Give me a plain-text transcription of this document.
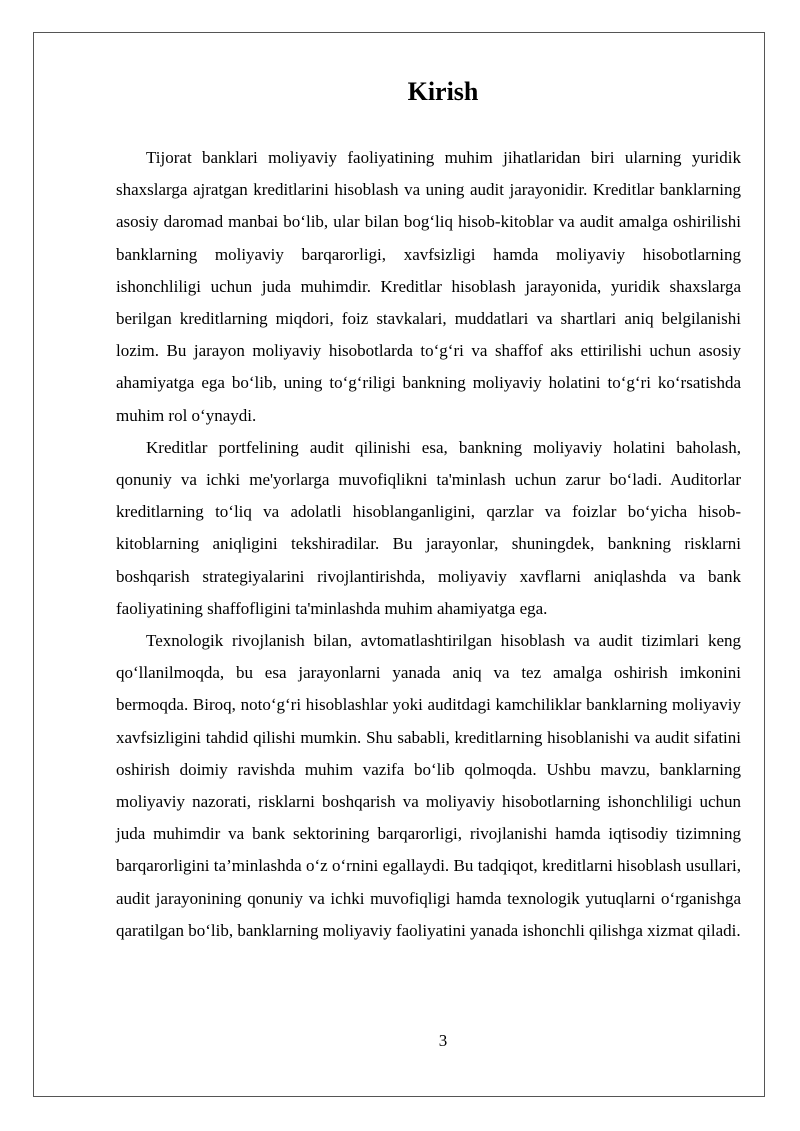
Kirish

Tijorat banklari moliyaviy faoliyatining muhim jihatlaridan biri ularning yuridik shaxslarga ajratgan kreditlarini hisoblash va uning audit jarayonidir. Kreditlar banklarning asosiy daromad manbai bo‘lib, ular bilan bog‘liq hisob-kitoblar va audit amalga oshirilishi banklarning moliyaviy barqarorligi, xavfsizligi hamda moliyaviy hisobotlarning ishonchliligi uchun juda muhimdir. Kreditlar hisoblash jarayonida, yuridik shaxslarga berilgan kreditlarning miqdori, foiz stavkalari, muddatlari va shartlari aniq belgilanishi lozim. Bu jarayon moliyaviy hisobotlarda to‘g‘ri va shaffof aks ettirilishi uchun asosiy ahamiyatga ega bo‘lib, uning to‘g‘riligi bankning moliyaviy holatini to‘g‘ri ko‘rsatishda muhim rol o‘ynaydi.

Kreditlar portfelining audit qilinishi esa, bankning moliyaviy holatini baholash, qonuniy va ichki me'yorlarga muvofiqlikni ta'minlash uchun zarur bo‘ladi. Auditorlar kreditlarning to‘liq va adolatli hisoblanganligini, qarzlar va foizlar bo‘yicha hisob-kitoblarning aniqligini tekshiradilar. Bu jarayonlar, shuningdek, bankning risklarni boshqarish strategiyalarini rivojlantirishda, moliyaviy xavflarni aniqlashda va bank faoliyatining shaffofligini ta'minlashda muhim ahamiyatga ega.

Texnologik rivojlanish bilan, avtomatlashtirilgan hisoblash va audit tizimlari keng qo‘llanilmoqda, bu esa jarayonlarni yanada aniq va tez amalga oshirish imkonini bermoqda. Biroq, noto‘g‘ri hisoblashlar yoki auditdagi kamchiliklar banklarning moliyaviy xavfsizligini tahdid qilishi mumkin. Shu sababli, kreditlarning hisoblanishi va audit sifatini oshirish doimiy ravishda muhim vazifa bo‘lib qolmoqda. Ushbu mavzu, banklarning moliyaviy nazorati, risklarni boshqarish va moliyaviy hisobotlarning ishonchliligi uchun juda muhimdir va bank sektorining barqarorligi, rivojlanishi hamda iqtisodiy tizimning barqarorligini ta’minlashda o‘z o‘rnini egallaydi. Bu tadqiqot, kreditlarni hisoblash usullari, audit jarayonining qonuniy va ichki muvofiqligi hamda texnologik yutuqlarni o‘rganishga qaratilgan bo‘lib, banklarning moliyaviy faoliyatini yanada ishonchli qilishga xizmat qiladi.

3
